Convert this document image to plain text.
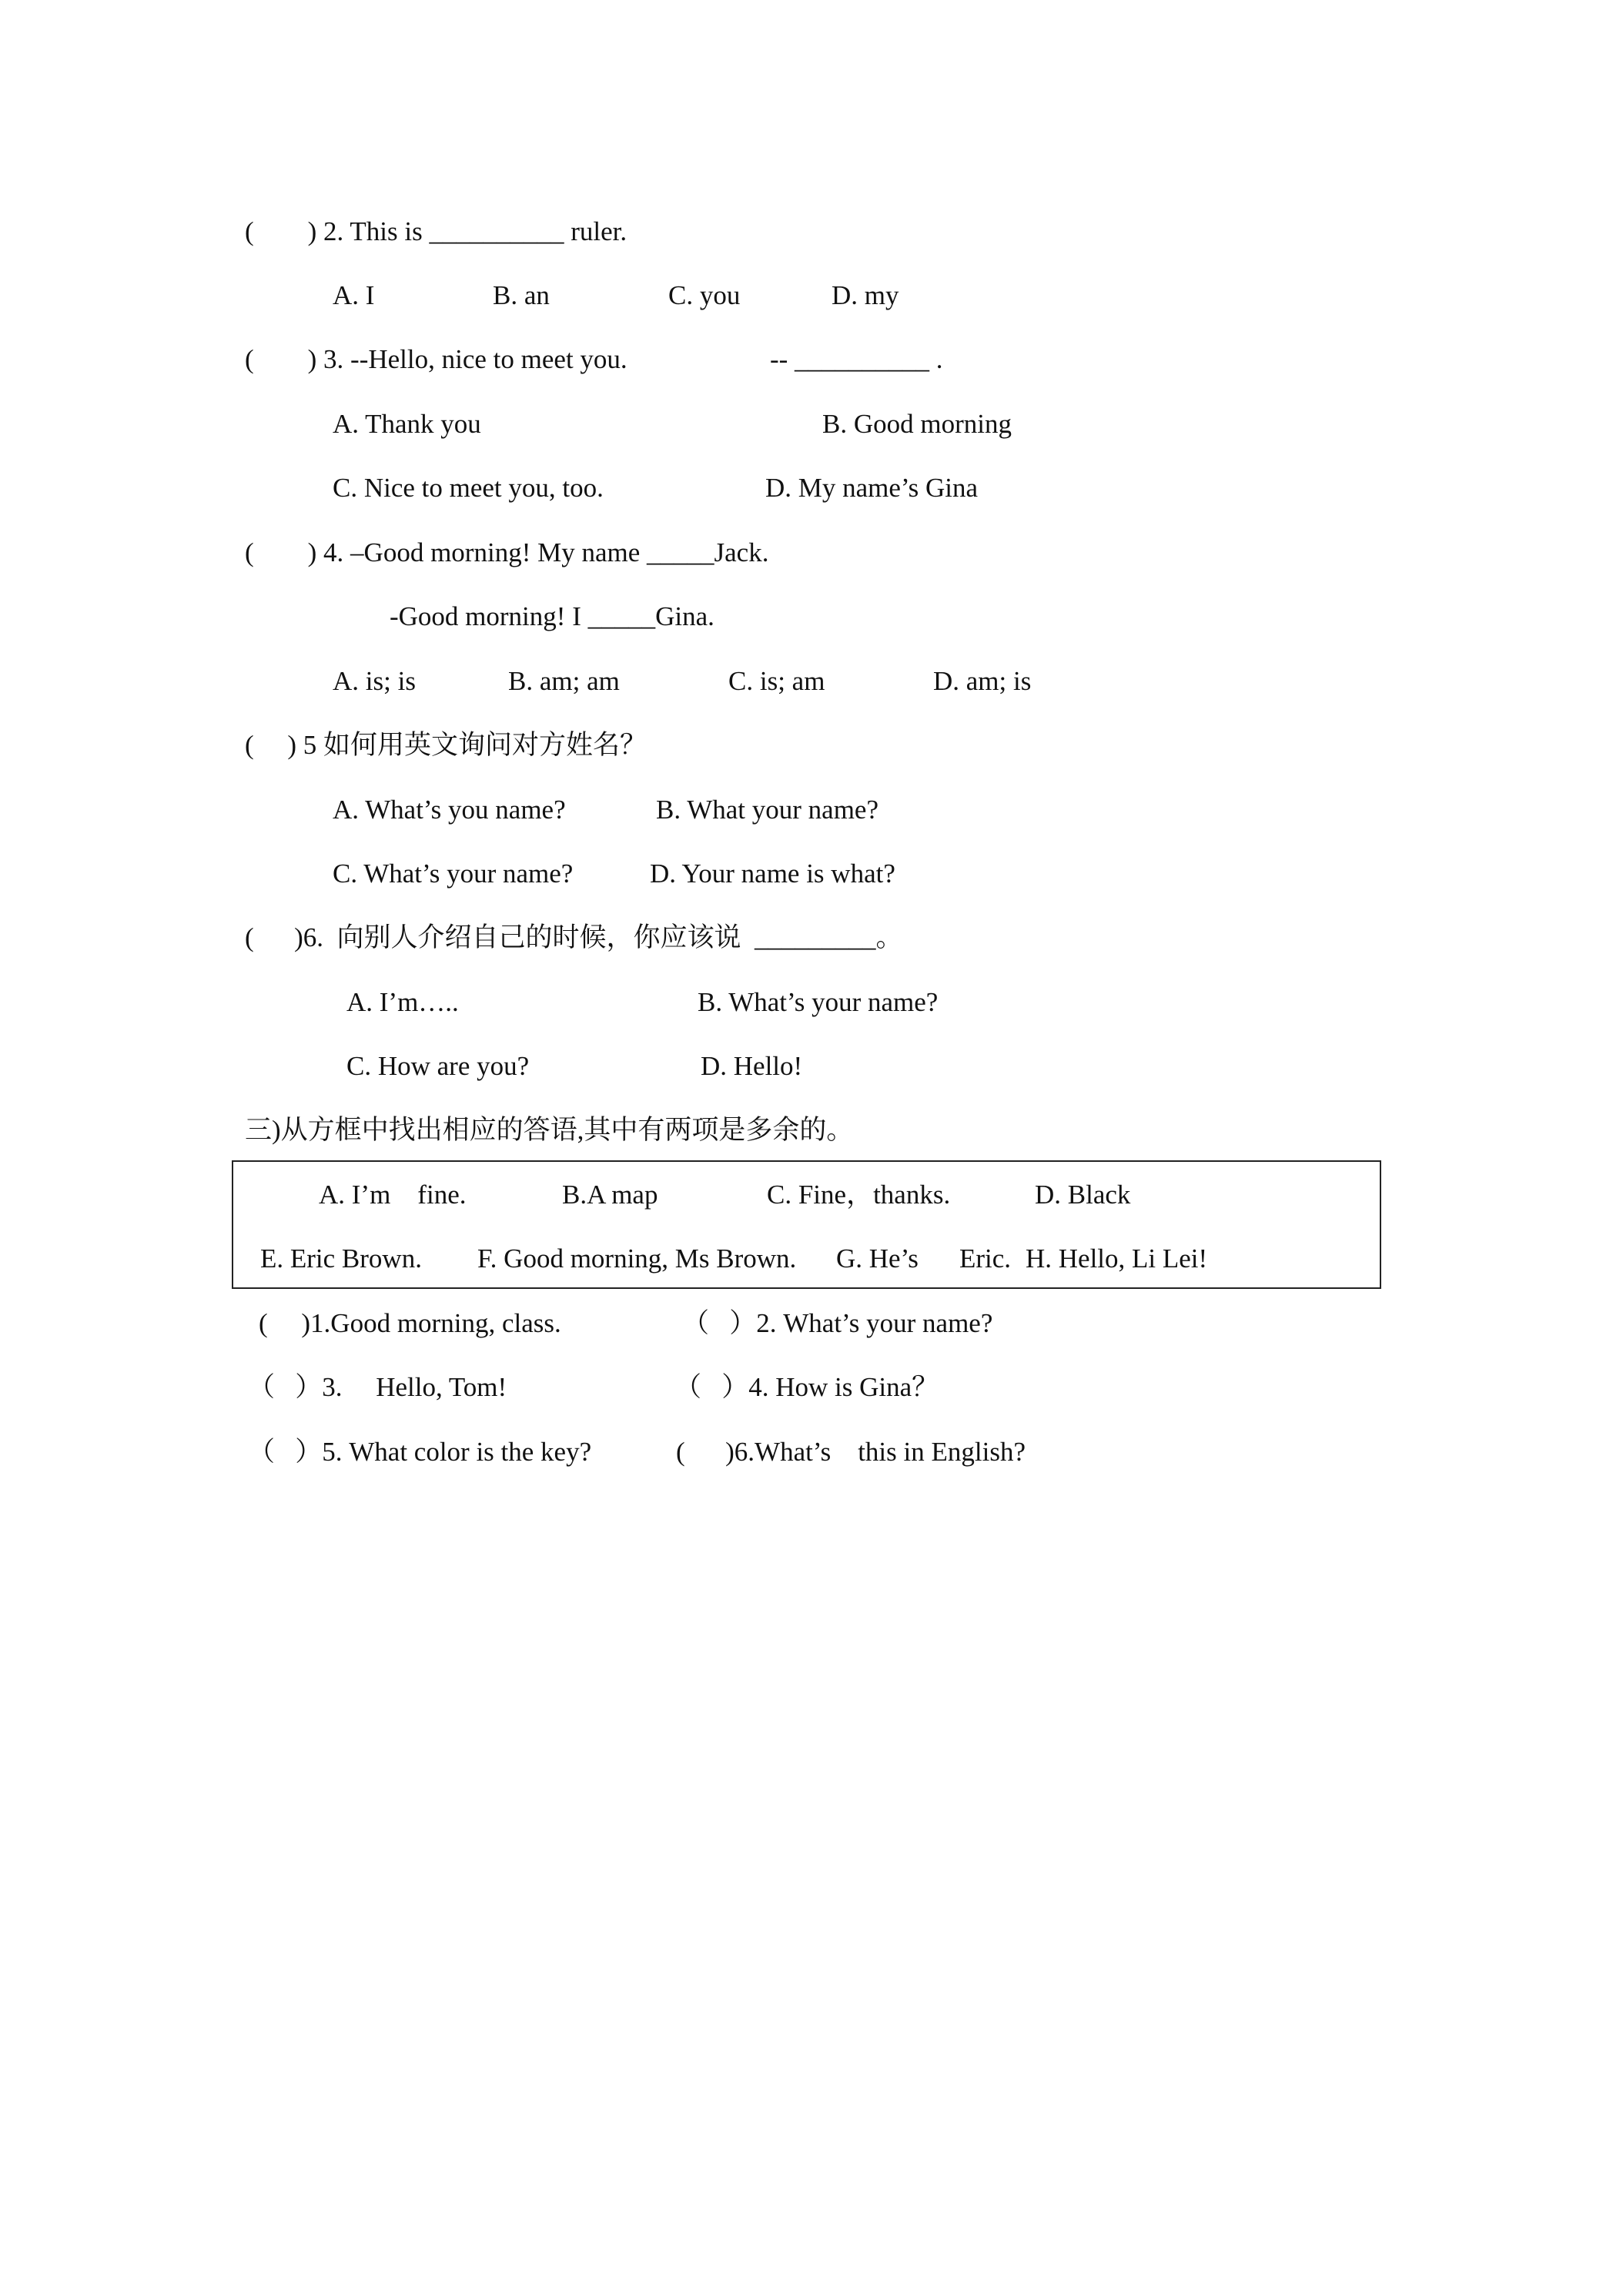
(        ) 2. This is __________ ruler.
A. I	B. an	C. you	D. my
(        ) 3. --Hello, nice to meet you.	-- __________ .
A. Thank you	B. Good morning
C. Nice to meet you, too.	D. My name’s Gina
(        ) 4. –Good morning! My name _____Jack.
-Good morning! I _____Gina.
A. is; is	B. am; am	C. is; am	D. am; is
(     ) 5 如何用英文询问对方姓名？
A. What’s you name?	B. What your name?
C. What’s your name?	D. Your name is what?
(      )6.  向别人介绍自己的时候，你应该说  _________。
A. I’m…..	B. What’s your name?
C. How are you?	D. Hello!
三)从方框中找出相应的答语,其中有两项是多余的。
A. I’m    fine.	B.A map	C. Fine，thanks.	D. Black
E. Eric Brown. F. Good morning, Ms Brown. G. He’s Eric. H. Hello, Li Lei!
(     )1.Good morning, class.	（   ）2. What’s your name?
（   ）3.     Hello, Tom!	（   ）4. How is Gina？
（   ）5. What color is the key?	(      )6.What’s    this in English?
